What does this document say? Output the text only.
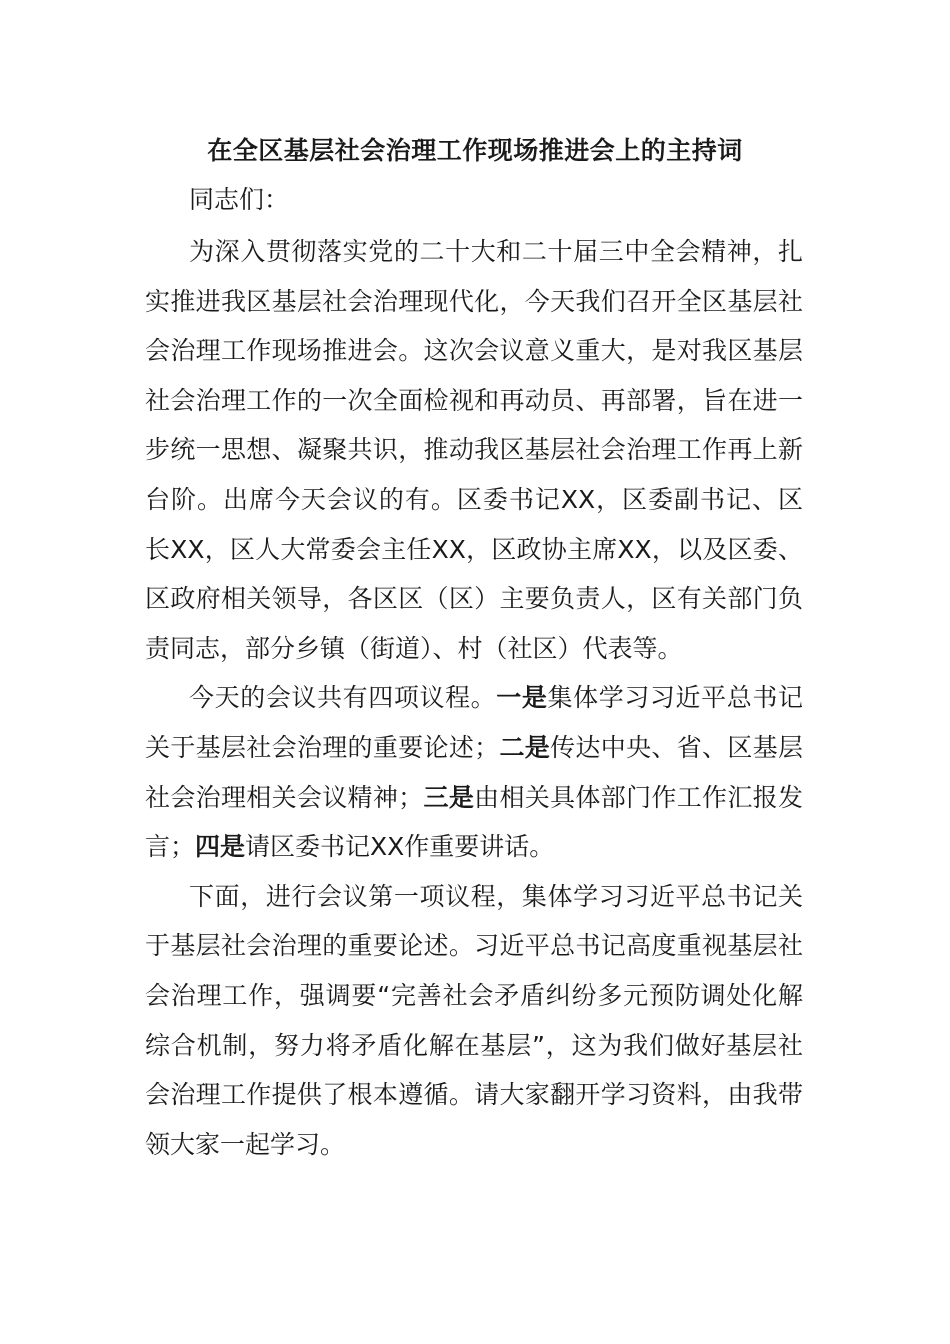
在全区基层社会治理工作现场推进会上的主持词

同志们：

为深入贯彻落实党的二十大和二十届三中全会精神，扎实推进我区基层社会治理现代化，今天我们召开全区基层社会治理工作现场推进会。这次会议意义重大，是对我区基层社会治理工作的一次全面检视和再动员、再部署，旨在进一步统一思想、凝聚共识，推动我区基层社会治理工作再上新台阶。出席今天会议的有。区委书记XX，区委副书记、区长XX，区人大常委会主任XX，区政协主席XX，以及区委、区政府相关领导，各区区（区）主要负责人，区有关部门负责同志，部分乡镇（街道）、村（社区）代表等。

今天的会议共有四项议程。一是集体学习习近平总书记关于基层社会治理的重要论述；二是传达中央、省、区基层社会治理相关会议精神；三是由相关具体部门作工作汇报发言；四是请区委书记XX作重要讲话。

下面，进行会议第一项议程，集体学习习近平总书记关于基层社会治理的重要论述。习近平总书记高度重视基层社会治理工作，强调要“完善社会矛盾纠纷多元预防调处化解综合机制，努力将矛盾化解在基层”，这为我们做好基层社会治理工作提供了根本遵循。请大家翻开学习资料，由我带领大家一起学习。
